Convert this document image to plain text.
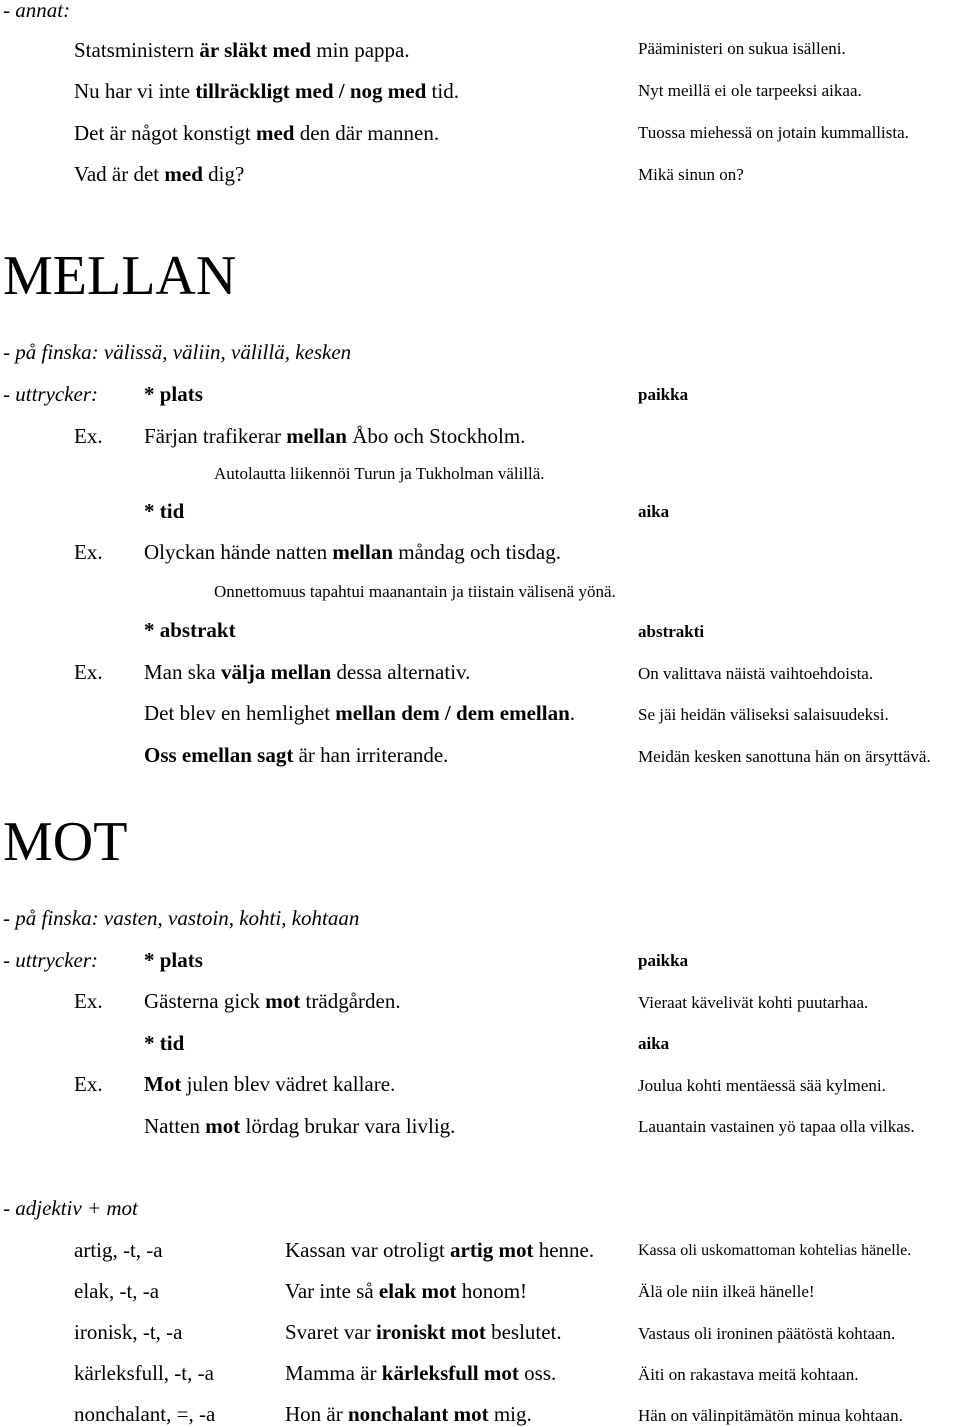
- annat:
Statsministern är släkt med min pappa.	Pääministeri on sukua isälleni.
Nu har vi inte tillräckligt med / nog med tid.	Nyt meillä ei ole tarpeeksi aikaa.
Det är något konstigt med den där mannen.	Tuossa miehessä on jotain kummallista.
Vad är det med dig?	Mikä sinun on?
MELLAN
- på finska: välissä, väliin, välillä, kesken
- uttrycker: * plats	paikka
Ex. Färjan trafikerar mellan Åbo och Stockholm.
Autolautta liikennöi Turun ja Tukholman välillä.
* tid	aika
Ex. Olyckan hände natten mellan måndag och tisdag.
Onnettomuus tapahtui maanantain ja tiistain välisenä yönä.
* abstrakt	abstrakti
Ex. Man ska välja mellan dessa alternativ.	On valittava näistä vaihtoehdoista.
Det blev en hemlighet mellan dem / dem emellan.	Se jäi heidän väliseksi salaisuudeksi.
Oss emellan sagt är han irriterande.	Meidän kesken sanottuna hän on ärsyttävä.
MOT
- på finska: vasten, vastoin, kohti, kohtaan
- uttrycker: * plats	paikka
Ex. Gästerna gick mot trädgården.	Vieraat kävelivät kohti puutarhaa.
* tid	aika
Ex. Mot julen blev vädret kallare.	Joulua kohti mentäessä sää kylmeni.
Natten mot lördag brukar vara livlig.	Lauantain vastainen yö tapaa olla vilkas.
- adjektiv + mot
artig, -t, -a	Kassan var otroligt artig mot henne.	Kassa oli uskomattoman kohtelias hänelle.
elak, -t, -a	Var inte så elak mot honom!	Älä ole niin ilkeä hänelle!
ironisk, -t, -a	Svaret var ironiskt mot beslutet.	Vastaus oli ironinen päätöstä kohtaan.
kärleksfull, -t, -a	Mamma är kärleksfull mot oss.	Äiti on rakastava meitä kohtaan.
nonchalant, =, -a	Hon är nonchalant mot mig.	Hän on välinpitämätön minua kohtaan.
